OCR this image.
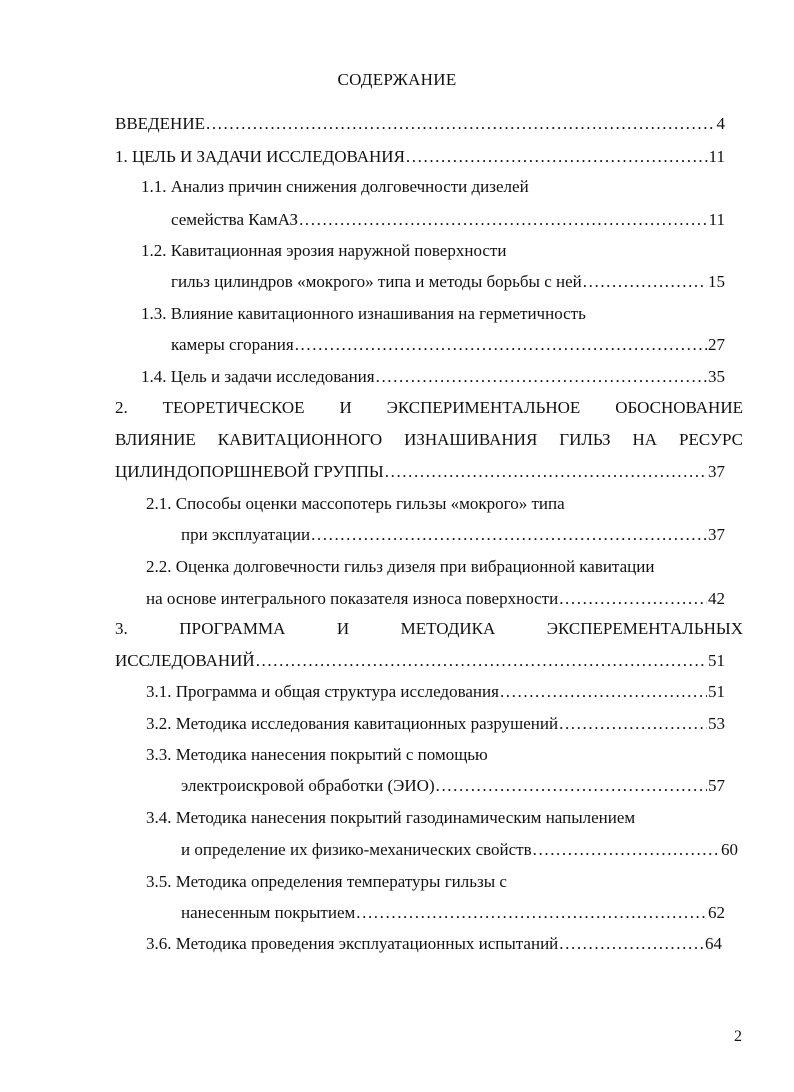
СОДЕРЖАНИЕ
ВВЕДЕНИЕ .....	4
1. ЦЕЛЬ И ЗАДАЧИ ИССЛЕДОВАНИЯ .....	11
1.1. Анализ причин снижения долговечности дизелей
семейства КамАЗ .....	11
1.2. Кавитационная эрозия наружной поверхности
гильз цилиндров «мокрого» типа и методы борьбы с ней .....	15
1.3. Влияние кавитационного изнашивания на герметичность
камеры сгорания .....	27
1.4. Цель и задачи исследования .....	35
2. ТЕОРЕТИЧЕСКОЕ И ЭКСПЕРИМЕНТАЛЬНОЕ ОБОСНОВАНИЕ
ВЛИЯНИЕ КАВИТАЦИОННОГО ИЗНАШИВАНИЯ ГИЛЬЗ НА РЕСУРС
ЦИЛИНДОПОРШНЕВОЙ ГРУППЫ .....	37
2.1. Способы оценки массопотерь гильзы «мокрого» типа
при эксплуатации .....	37
2.2. Оценка долговечности гильз дизеля при вибрационной кавитации
на основе интегрального показателя износа поверхности .....	42
3.	ПРОГРАММА	И	МЕТОДИКА	ЭКСПЕРЕМЕНТАЛЬНЫХ
ИССЛЕДОВАНИЙ .....	51
3.1. Программа и общая структура исследования .....	51
3.2. Методика исследования кавитационных разрушений .....	53
3.3. Методика нанесения покрытий с помощью
электроискровой обработки (ЭИО) .....	57
3.4. Методика нанесения покрытий газодинамическим напылением
и определение их физико-механических свойств .....	60
3.5. Методика определения температуры гильзы с
нанесенным покрытием .....	62
3.6. Методика проведения эксплуатационных испытаний .....	64
2
